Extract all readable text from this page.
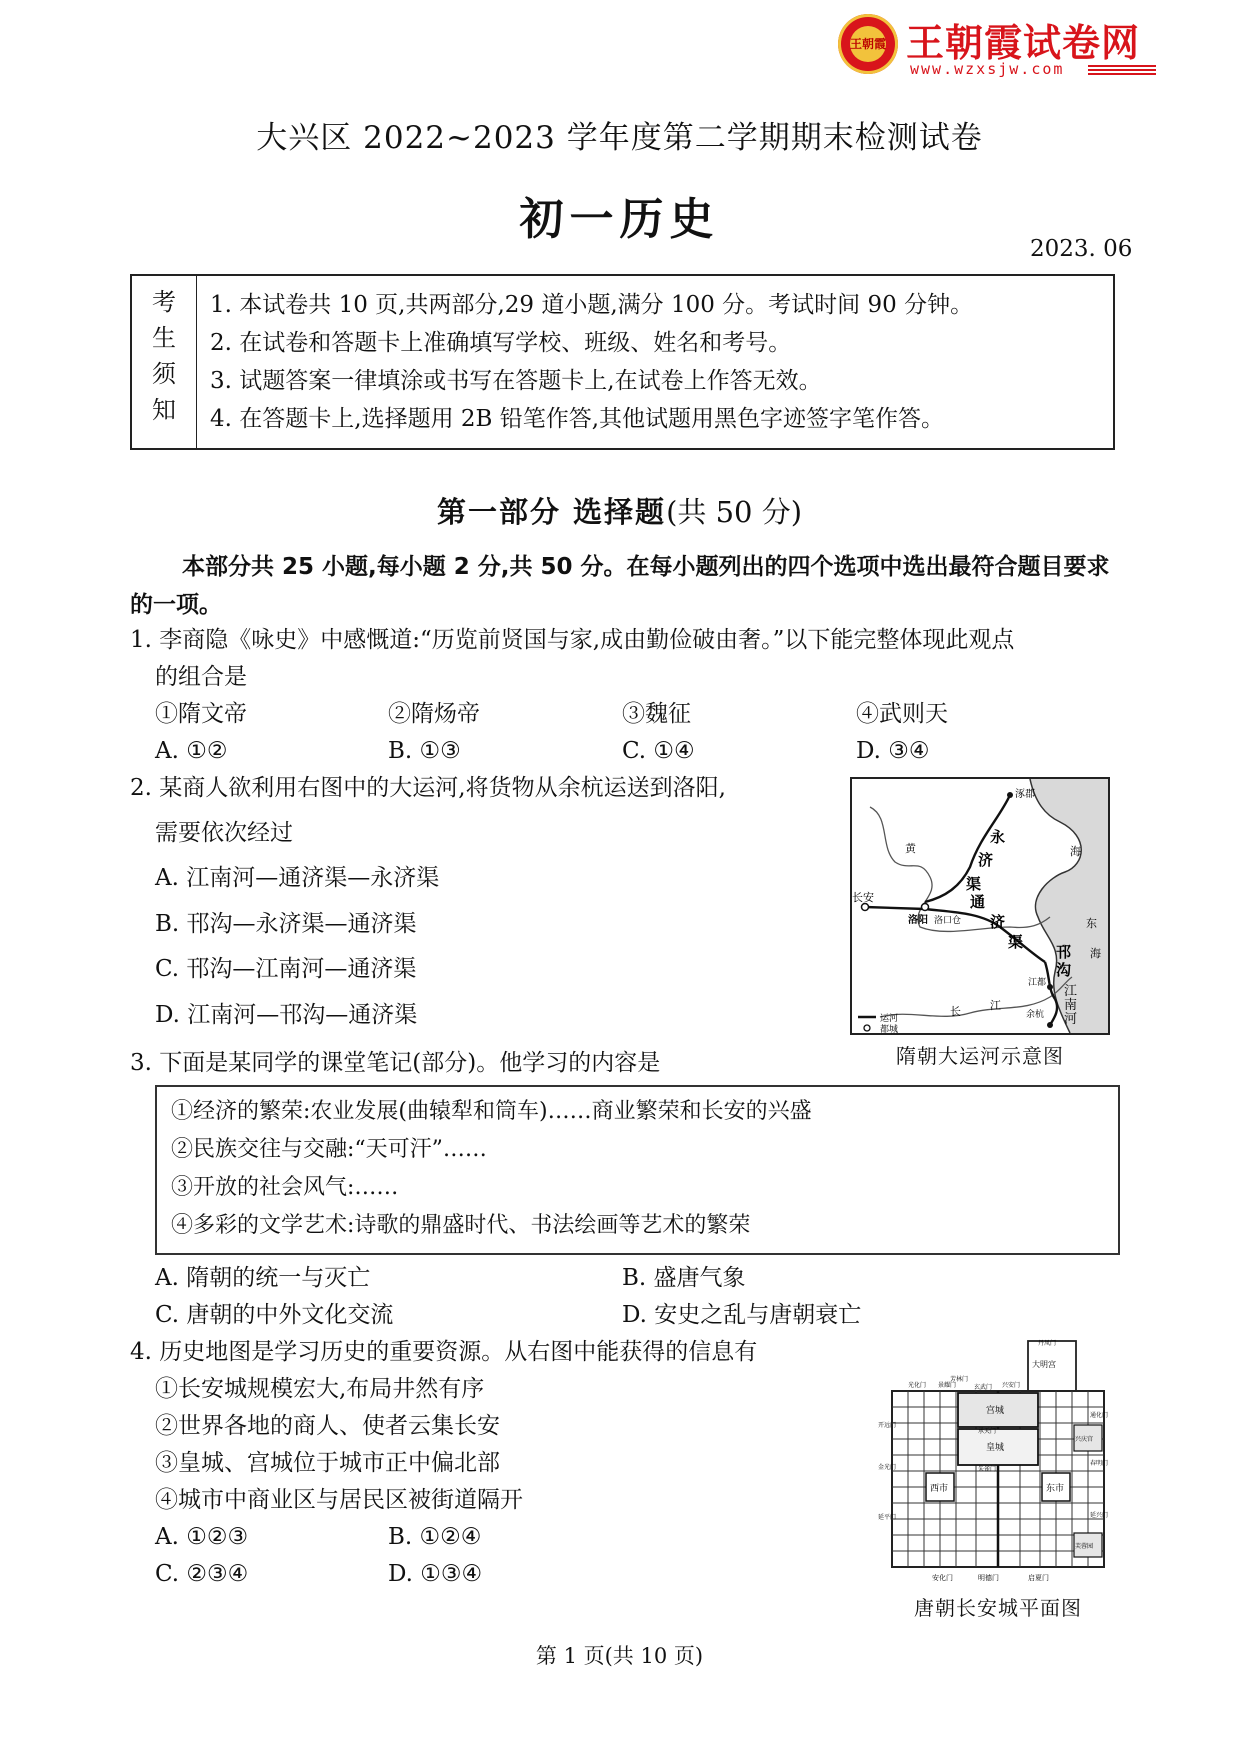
王朝霞 王朝霞试卷网
www.wzxsjw.com
大兴区 2022~2023 学年度第二学期期末检测试卷
初一历史
2023. 06
考
生
须
知
1. 本试卷共 10 页,共两部分,29 道小题,满分 100 分。考试时间 90 分钟。
2. 在试卷和答题卡上准确填写学校、班级、姓名和考号。
3. 试题答案一律填涂或书写在答题卡上,在试卷上作答无效。
4. 在答题卡上,选择题用 2B 铅笔作答,其他试题用黑色字迹签字笔作答。
第一部分 选择题(共 50 分)
本部分共 25 小题,每小题 2 分,共 50 分。在每小题列出的四个选项中选出最符合题目要求的一项。
1. 李商隐《咏史》中感慨道:“历览前贤国与家,成由勤俭破由奢。”以下能完整体现此观点
的组合是
①隋文帝	②隋炀帝	③魏征	④武则天
A. ①②	B. ①③	C. ①④	D. ③④
2. 某商人欲利用右图中的大运河,将货物从余杭运送到洛阳,
需要依次经过
A. 江南河—通济渠—永济渠
B. 邗沟—永济渠—通济渠
C. 邗沟—江南河—通济渠
D. 江南河—邗沟—通济渠
涿郡
长安
洛阳 洛口仓
江都
余杭
永
济
渠
通
济
渠
邗
沟
江
南
河
海
东
海
黄
长	江
运河
都城
隋朝大运河示意图
3. 下面是某同学的课堂笔记(部分)。他学习的内容是
①经济的繁荣:农业发展(曲辕犁和筒车)……商业繁荣和长安的兴盛
②民族交往与交融:“天可汗”……
③开放的社会风气:……
④多彩的文学艺术:诗歌的鼎盛时代、书法绘画等艺术的繁荣
A. 隋朝的统一与灭亡	B. 盛唐气象
C. 唐朝的中外文化交流	D. 安史之乱与唐朝衰亡
4. 历史地图是学习历史的重要资源。从右图中能获得的信息有
①长安城规模宏大,布局井然有序
②世界各地的商人、使者云集长安
③皇城、宫城位于城市正中偏北部
④城市中商业区与居民区被街道隔开
A. ①②③	B. ①②④
C. ②③④	D. ①③④
大明宫
宫城
皇城
承天门
朱雀门
玄武门
西市	东市
兴庆宫
芙蓉园
明德门
安化门	启夏门
开远门
金光门
延平门
通化门
春明门
延兴门
光化门 景耀门
芳林门
丹凤门
兴安门
唐朝长安城平面图
第 1 页(共 10 页)
